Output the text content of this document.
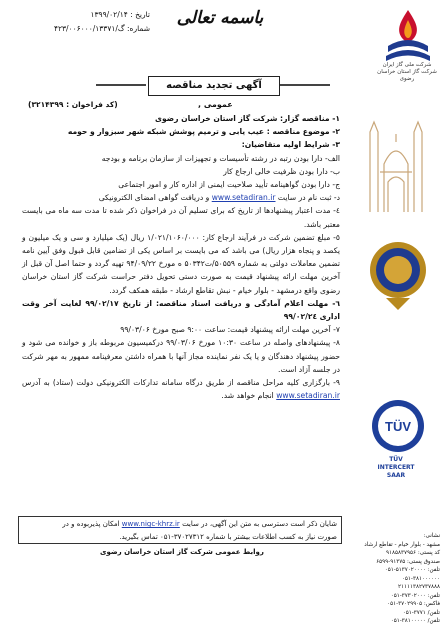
شرکت ملی گاز ایران
شرکت گاز استان خراسان رضوی
باسمه تعالی
تاریخ : ۱۳۹۹/۰۲/۱۴
شماره: گ/۴۲۳/۰۰۶۰۰۰/۱۳۳۷۱
آگهی تجدید مناقصه
عمومی ,
(کد فراخوان : ۳۲۱۴۳۹۹)

۱- مناقصه گزار: شرکت گاز استان خراسان رضوی

۲- موضوع مناقصه : عیب یابی و ترمیم پوشش شبکه شهر سبزوار و حومه

۳- شرایط اولیه متقاضیان:

الف- دارا بودن رتبه در رشته تأسیسات و تجهیزات از سازمان برنامه و بودجه

ب- دارا بودن ظرفیت خالی ارجاع کار

ج- دارا بودن گواهینامه تأیید صلاحیت ایمنی از اداره کار و امور اجتماعی

د- ثبت نام در سایت www.setadiran.ir و دریافت گواهی امضای الکترونیکی

٤- مدت اعتبار پیشنهادها از تاریخ که برای تسلیم آن در فراخوان ذکر شده تا مدت سه ماه می بایست معتبر باشد.

٥- مبلغ تضمین شرکت در فرآیند ارجاع کار: ۱/۰۲۱/۱۰۶۰/۰۰۰ ریال (یک میلیارد و سی و یک میلیون و یکصد و پنجاه هزار ریال) می باشد که می بایست بر اساس یکی از تضامین قابل قبول وفق آیین نامه تضمین معاملات دولتی به شماره ۵۰۵۵۹/ت۵۰۳۴۲ ه مورخ ۹۴/۰۹/۲۲ تهیه گردد و حتما اصل آن قبل از آخرین مهلت ارائه پیشنهاد قیمت به صورت دستی تحویل دفتر حراست شرکت گاز استان خراسان رضوی واقع درمشهد - بلوار خیام - نبش تقاطع ارشاد - طبقه همکف گردد.

٦- مهلت اعلام آمادگی و دریافت اسناد مناقصه: از تاریخ ۹۹/۰۲/۱۷ لغایت آخر وقت اداری ۹۹/۰۲/۲٤

۷- آخرین مهلت ارائه پیشنهاد قیمت: ساعت ۹:۰۰ صبح مورخ ۹۹/۰۳/۰۶

۸- پیشنهادهای واصله در ساعت ۱۰:۳۰ مورخ ۹۹/۰۳/۰۶ درکمیسیون مربوطه باز و خوانده می شود و حضور پیشنهاد دهندگان و یا یک نفر نماینده مجاز آنها با همراه داشتن معرفینامه ممهور به مهر شرکت در جلسه آزاد است.

۹- بارگزاری کلیه مراحل مناقصه از طریق درگاه سامانه تدارکات الکترونیکی دولت (ستاد) به آدرس www.setadiran.ir انجام خواهد شد.

TÜV
TÜV
INTERCERT
SAAR
نشانی:
مشهد - بلوار خیام - تقاطع ارشاد
کد پستی: ۹۱۸۵۸۳۷۹۵۶
صندوق پستی: ۹۱۳۷۵-۶۵۹۹
تلفن: ۵۱۳۷۰۲۰۰۰۰-۰۵۱
۰۵۱-۳۸۱۰۰۰۰۰۰
۲۱۱۱۱۳۸۲۷۳۷۸۸۸
تلفن: ۳۷۳۰۲۰۰۰-۰۵۱
فاکس: ۳۷۰۲۹۹۰۵-۰۵۱
تلفن/ ۳۷۷۱-۰۵۱
تلفن/ ۳۸۱۰۰۰۰۰-۰۵۱
شایان ذکر است دسترسی به متن این آگهی، در سایت www.nigc-khrz.ir امکان پذیربوده و در
صورت نیاز به کسب اطلاعات بیشتر با شماره ۳۷۰۲۷۳۱۲-۰۵۱ تماس بگیرید.
روابط عمومی شرکت گاز استان خراسان رضوی
